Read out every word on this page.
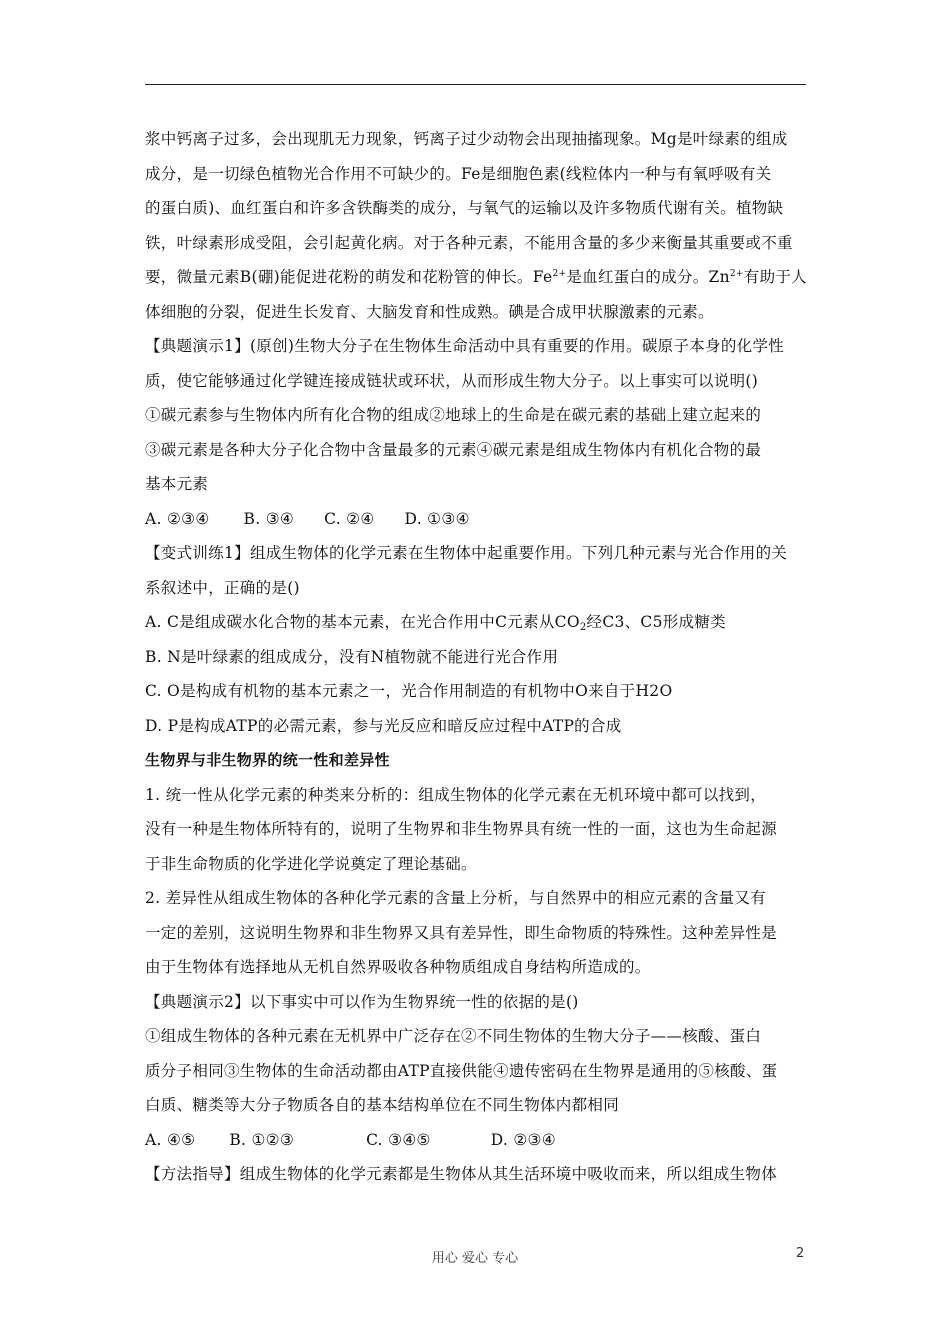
浆中钙离子过多，会出现肌无力现象，钙离子过少动物会出现抽搐现象。Mg是叶绿素的组成
成分，是一切绿色植物光合作用不可缺少的。Fe是细胞色素(线粒体内一种与有氧呼吸有关
的蛋白质)、血红蛋白和许多含铁酶类的成分，与氧气的运输以及许多物质代谢有关。植物缺
铁，叶绿素形成受阻，会引起黄化病。对于各种元素，不能用含量的多少来衡量其重要或不重
要，微量元素B(硼)能促进花粉的萌发和花粉管的伸长。$Fe^{2+}$是血红蛋白的成分。$Zn^{2+}$有助于人
体细胞的分裂，促进生长发育、大脑发育和性成熟。碘是合成甲状腺激素的元素。
【典题演示1】(原创)生物大分子在生物体生命活动中具有重要的作用。碳原子本身的化学性
质，使它能够通过化学键连接成链状或环状，从而形成生物大分子。以上事实可以说明()
①碳元素参与生物体内所有化合物的组成②地球上的生命是在碳元素的基础上建立起来的
③碳元素是各种大分子化合物中含量最多的元素④碳元素是组成生物体内有机化合物的最
基本元素
A. ②③④ B. ③④ C. ②④ D. ①③④
【变式训练1】组成生物体的化学元素在生物体中起重要作用。下列几种元素与光合作用的关
系叙述中，正确的是()
A. C是组成碳水化合物的基本元素，在光合作用中C元素从$CO_2$经C3、C5形成糖类
B. N是叶绿素的组成成分，没有N植物就不能进行光合作用
C. O是构成有机物的基本元素之一，光合作用制造的有机物中O来自于H2O
D. P是构成ATP的必需元素，参与光反应和暗反应过程中ATP的合成
生物界与非生物界的统一性和差异性
1. 统一性从化学元素的种类来分析的：组成生物体的化学元素在无机环境中都可以找到，
没有一种是生物体所特有的，说明了生物界和非生物界具有统一性的一面，这也为生命起源
于非生命物质的化学进化学说奠定了理论基础。
2. 差异性从组成生物体的各种化学元素的含量上分析，与自然界中的相应元素的含量又有
一定的差别，这说明生物界和非生物界又具有差异性，即生命物质的特殊性。这种差异性是
由于生物体有选择地从无机自然界吸收各种物质组成自身结构所造成的。
【典题演示2】以下事实中可以作为生物界统一性的依据的是()
①组成生物体的各种元素在无机界中广泛存在②不同生物体的生物大分子——核酸、蛋白
质分子相同③生物体的生命活动都由ATP直接供能④遗传密码在生物界是通用的⑤核酸、蛋
白质、糖类等大分子物质各自的基本结构单位在不同生物体内都相同
A. ④⑤ B. ①②③	C. ③④⑤	D. ②③④
【方法指导】组成生物体的化学元素都是生物体从其生活环境中吸收而来，所以组成生物体
用心 爱心 专心	2
